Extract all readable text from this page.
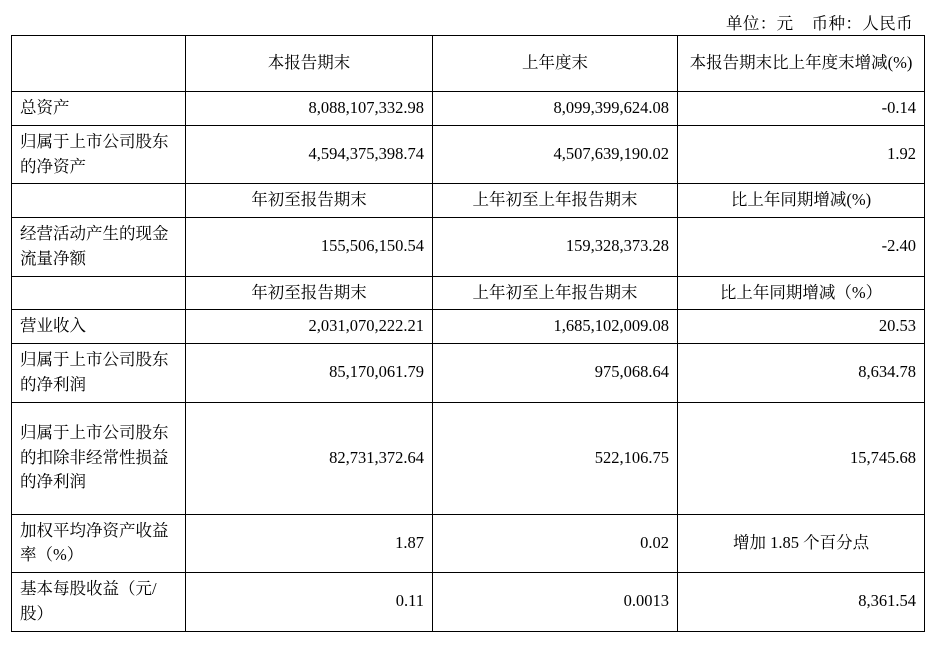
单位：元 币种：人民币
	本报告期末	上年度末	本报告期末比上年度末增减(%)
总资产	8,088,107,332.98	8,099,399,624.08	-0.14
归属于上市公司股东的净资产	4,594,375,398.74	4,507,639,190.02	1.92
	年初至报告期末	上年初至上年报告期末	比上年同期增减(%)
经营活动产生的现金流量净额	155,506,150.54	159,328,373.28	-2.40
	年初至报告期末	上年初至上年报告期末	比上年同期增减（%）
营业收入	2,031,070,222.21	1,685,102,009.08	20.53
归属于上市公司股东的净利润	85,170,061.79	975,068.64	8,634.78
归属于上市公司股东的扣除非经常性损益的净利润	82,731,372.64	522,106.75	15,745.68
加权平均净资产收益率（%）	1.87	0.02	增加 1.85 个百分点
基本每股收益（元/股）	0.11	0.0013	8,361.54
